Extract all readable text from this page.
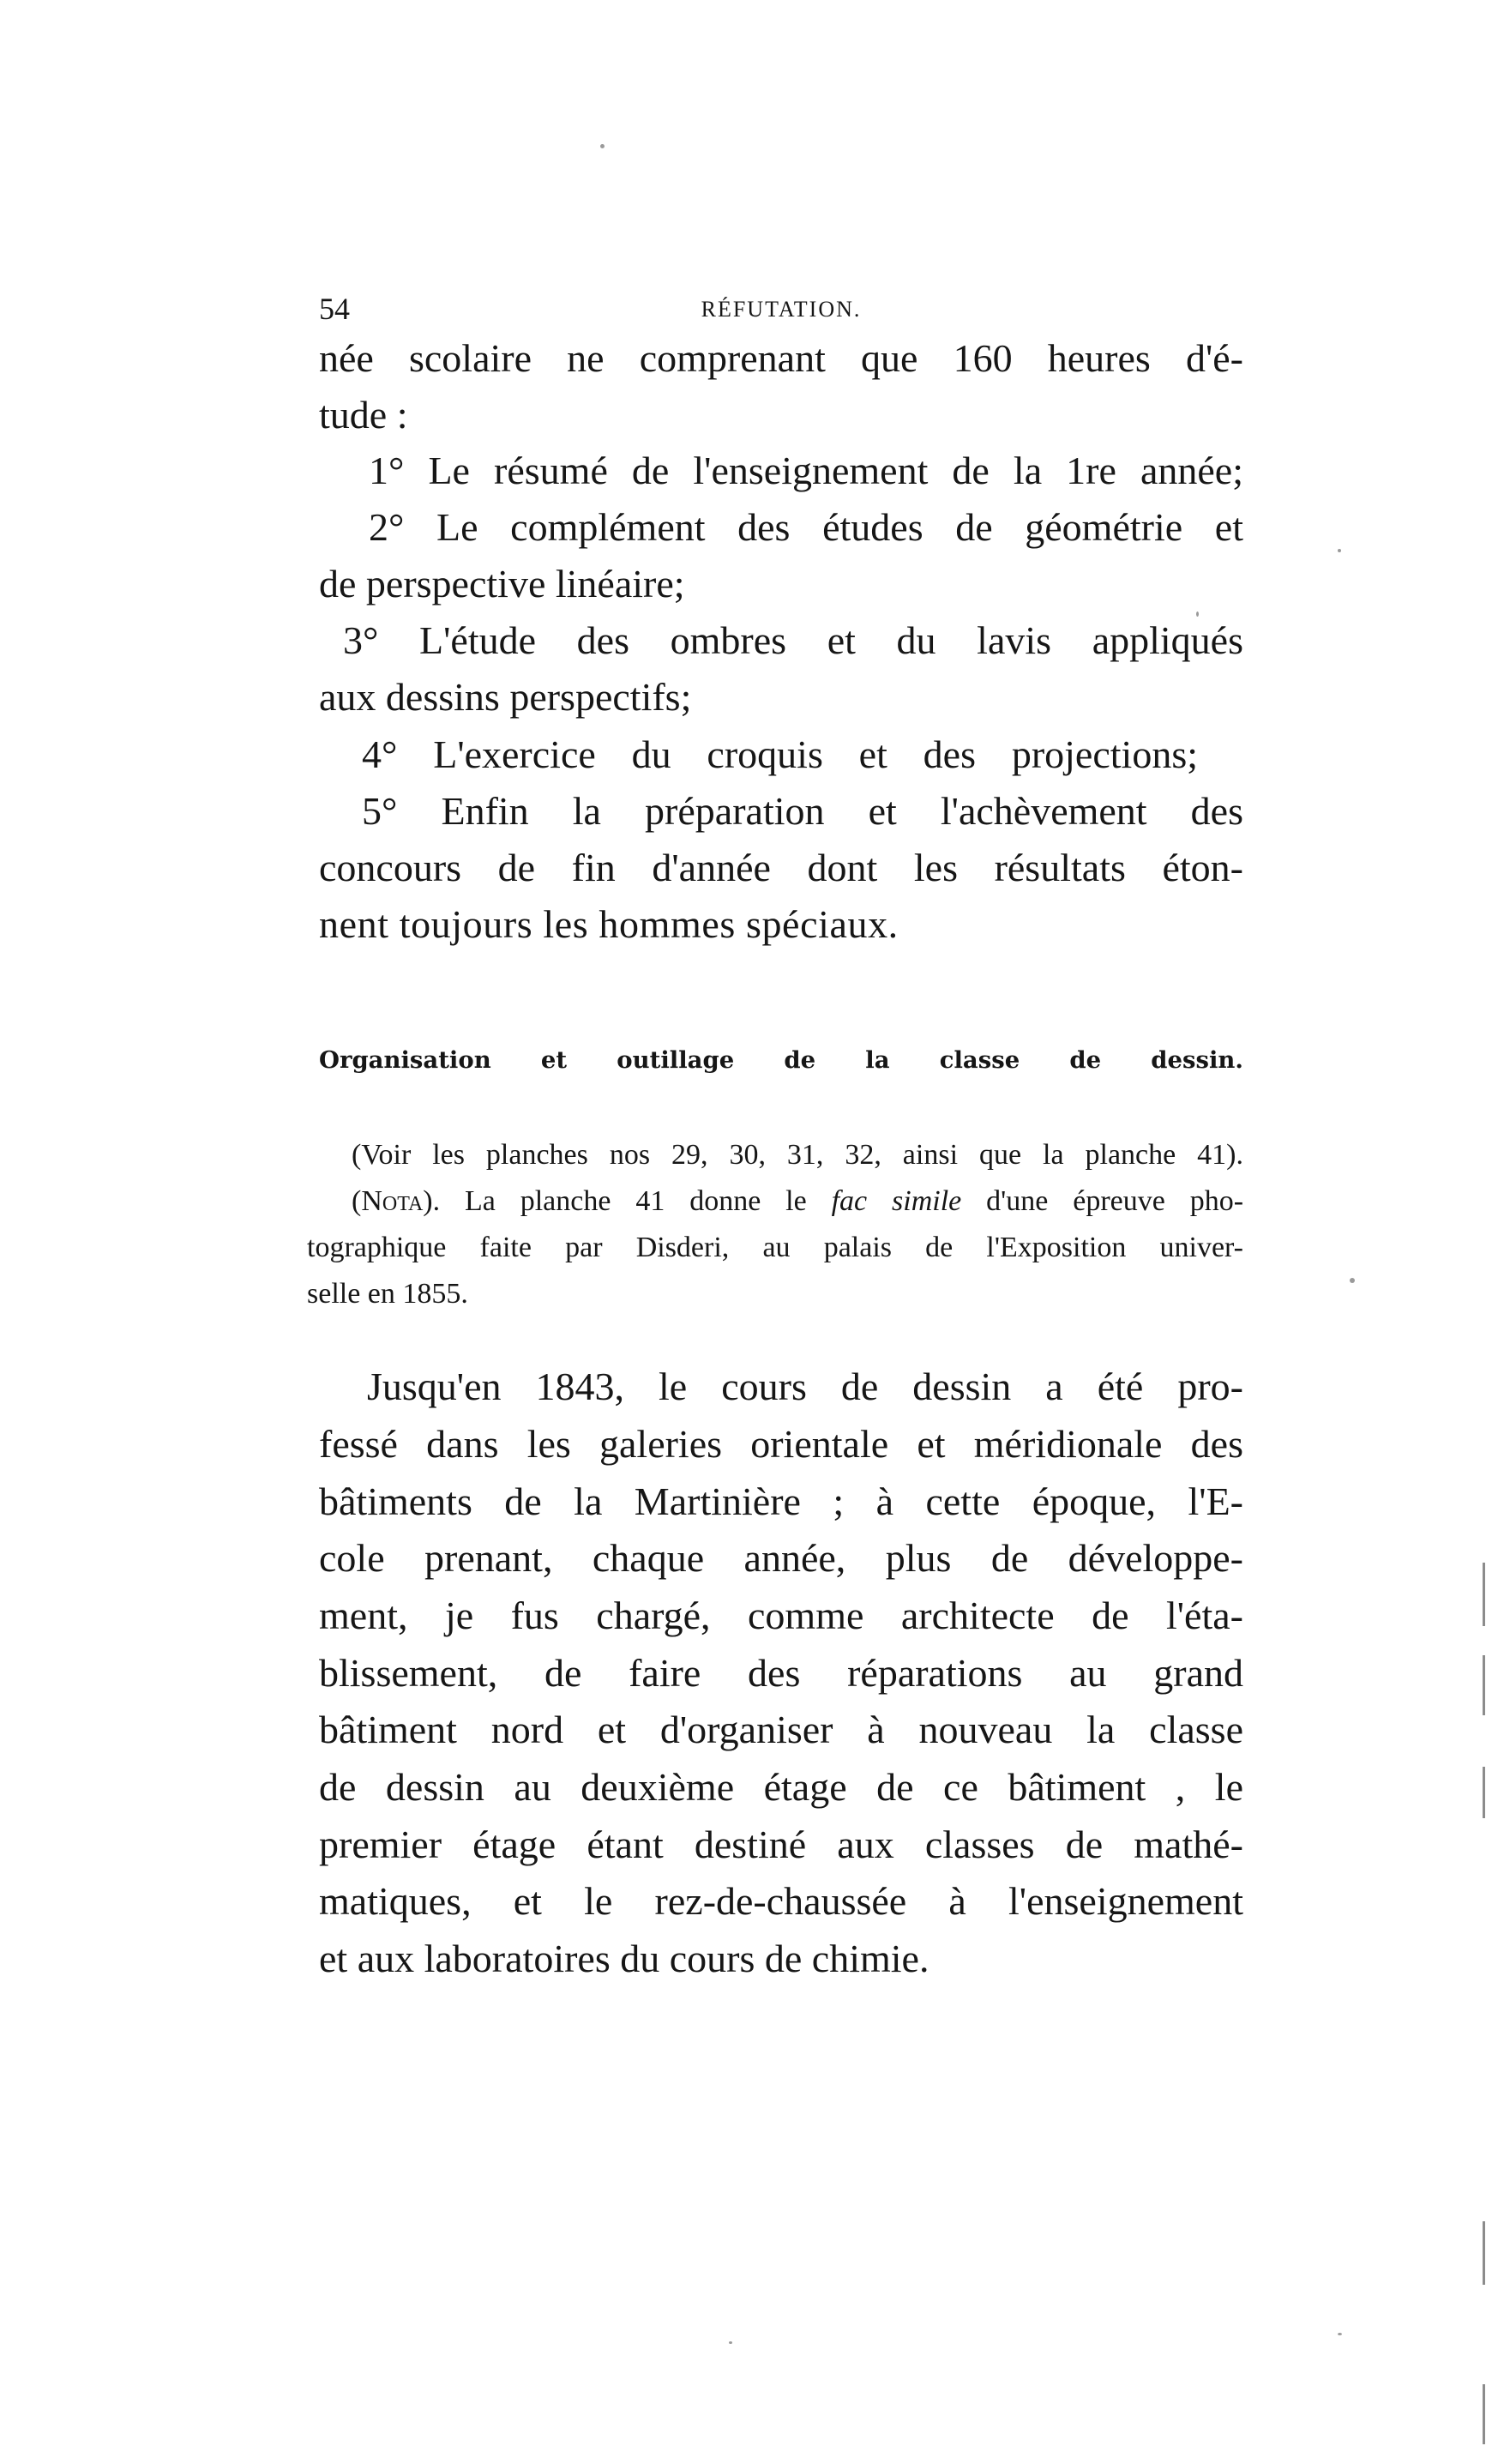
54	RÉFUTATION.
née scolaire ne comprenant que 160 heures d'é-
tude :
1° Le résumé de l'enseignement de la 1re année;
2° Le complément des études de géométrie et
de perspective linéaire;
3° L'étude des ombres et du lavis appliqués
aux dessins perspectifs;
4° L'exercice du croquis et des projections;
5° Enfin la préparation et l'achèvement des
concours de fin d'année dont les résultats éton-
nent toujours les hommes spéciaux.
Organisation et outillage de la classe de dessin.
(Voir les planches nos 29, 30, 31, 32, ainsi que la planche 41).
(Nota). La planche 41 donne le fac simile d'une épreuve pho-
tographique faite par Disderi, au palais de l'Exposition univer-
selle en 1855.
Jusqu'en 1843, le cours de dessin a été pro-
fessé dans les galeries orientale et méridionale des
bâtiments de la Martinière ; à cette époque, l'E-
cole prenant, chaque année, plus de développe-
ment, je fus chargé, comme architecte de l'éta-
blissement, de faire des réparations au grand
bâtiment nord et d'organiser à nouveau la classe
de dessin au deuxième étage de ce bâtiment , le
premier étage étant destiné aux classes de mathé-
matiques, et le rez-de-chaussée à l'enseignement
et aux laboratoires du cours de chimie.
